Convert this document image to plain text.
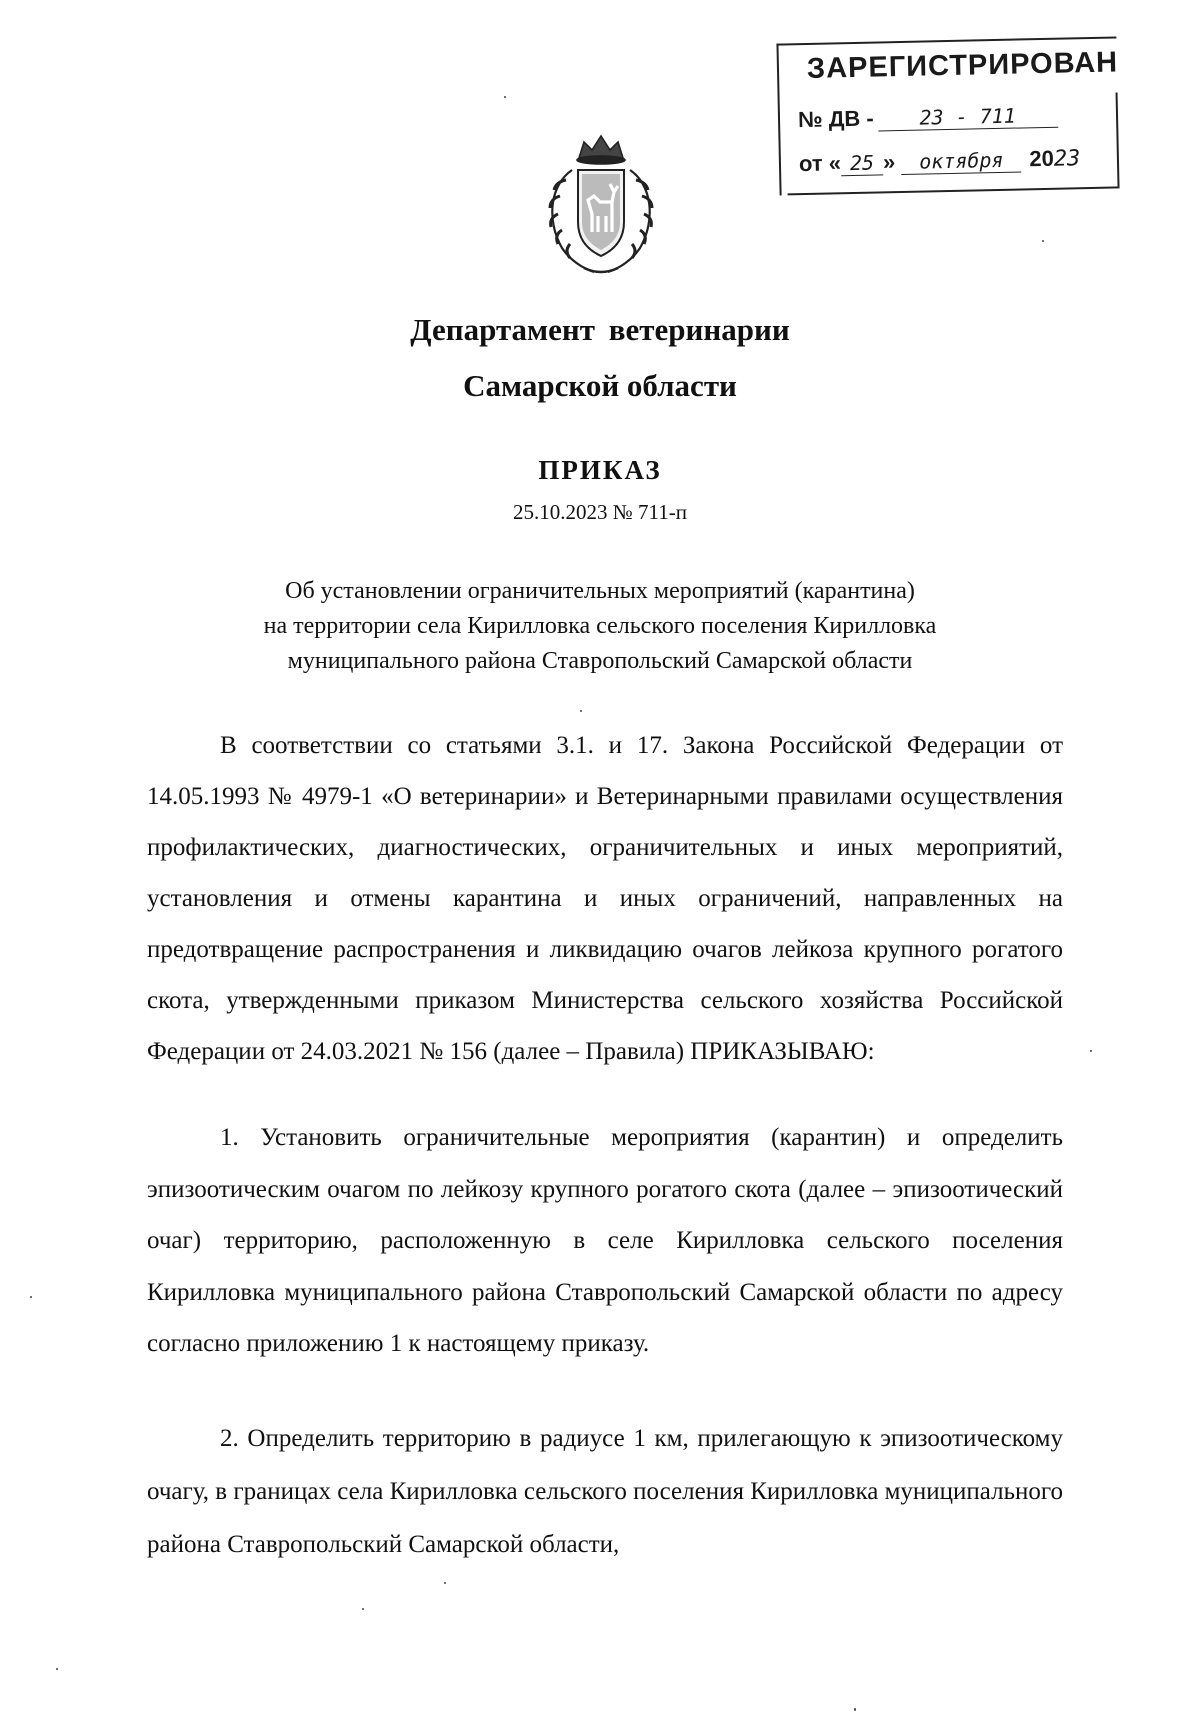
ЗАРЕГИСТРИРОВАН
№ ДВ - 23 - 711
от « 25 » октября 2023
Департамент ветеринарии
Самарской области
ПРИКАЗ
25.10.2023 № 711-п
Об установлении ограничительных мероприятий (карантина)
на территории села Кирилловка сельского поселения Кирилловка
муниципального района Ставропольский Самарской области
В соответствии со статьями 3.1. и 17. Закона Российской Федерации от 14.05.1993 № 4979-1 «О ветеринарии» и Ветеринарными правилами осуществления профилактических, диагностических, ограничительных и иных мероприятий, установления и отмены карантина и иных ограничений, направленных на предотвращение распространения и ликвидацию очагов лейкоза крупного рогатого скота, утвержденными приказом Министерства сельского хозяйства Российской Федерации от 24.03.2021 № 156 (далее – Правила) ПРИКАЗЫВАЮ:
1. Установить ограничительные мероприятия (карантин) и определить эпизоотическим очагом по лейкозу крупного рогатого скота (далее – эпизоотический очаг) территорию, расположенную в селе Кирилловка сельского поселения Кирилловка муниципального района Ставропольский Самарской области по адресу согласно приложению 1 к настоящему приказу.
2. Определить территорию в радиусе 1 км, прилегающую к эпизоотическому очагу, в границах села Кирилловка сельского поселения Кирилловка муниципального района Ставропольский Самарской области,
